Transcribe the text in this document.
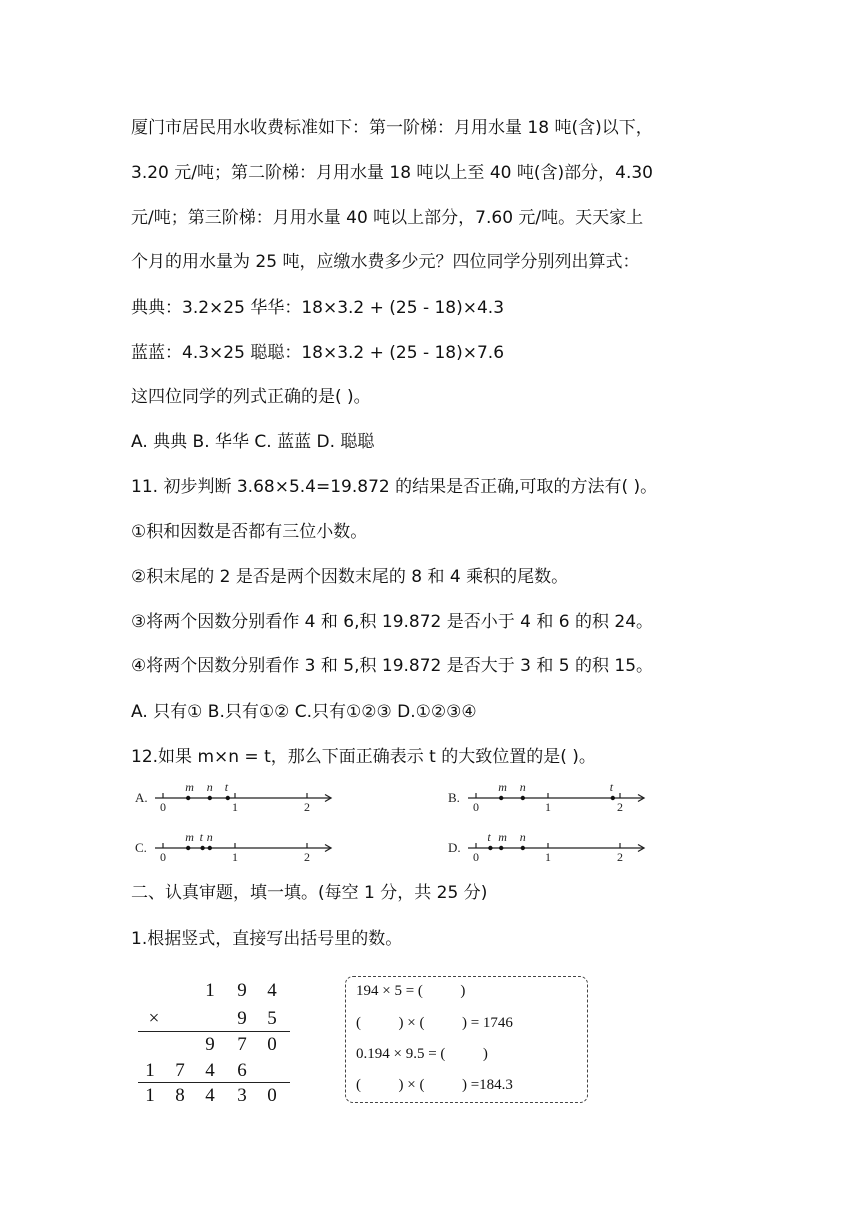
厦门市居民用水收费标准如下：第一阶梯：月用水量 18 吨(含)以下，
3.20 元/吨；第二阶梯：月用水量 18 吨以上至 40 吨(含)部分，4.30
元/吨；第三阶梯：月用水量 40 吨以上部分，7.60 元/吨。天天家上
个月的用水量为 25 吨，应缴水费多少元？四位同学分别列出算式：
典典：3.2×25 华华：18×3.2 + (25 - 18)×4.3
蓝蓝：4.3×25 聪聪：18×3.2 + (25 - 18)×7.6
这四位同学的列式正确的是( )。
A. 典典 B. 华华 C. 蓝蓝 D. 聪聪
11. 初步判断 3.68×5.4=19.872 的结果是否正确,可取的方法有( )。
①积和因数是否都有三位小数。
②积末尾的 2 是否是两个因数末尾的 8 和 4 乘积的尾数。
③将两个因数分别看作 4 和 6,积 19.872 是否小于 4 和 6 的积 24。
④将两个因数分别看作 3 和 5,积 19.872 是否大于 3 和 5 的积 15。
A. 只有① B.只有①② C.只有①②③ D.①②③④
12.如果 m×n = t，那么下面正确表示 t 的大致位置的是( )。
A.
0	1	2
m n t
B.
0	1	2
m n	t
C.
0	1	2
m t n
D.
0	1	2
t m n
二、认真审题，填一填。(每空 1 分，共 25 分)
1.根据竖式，直接写出括号里的数。
1 9 4
×	9 5
9 7 0
1 7 4 6
1 8 4 3 0
194 × 5 = (          )
(          ) × (          ) = 1746
0.194 × 9.5 = (          )
(          ) × (          ) =184.3
